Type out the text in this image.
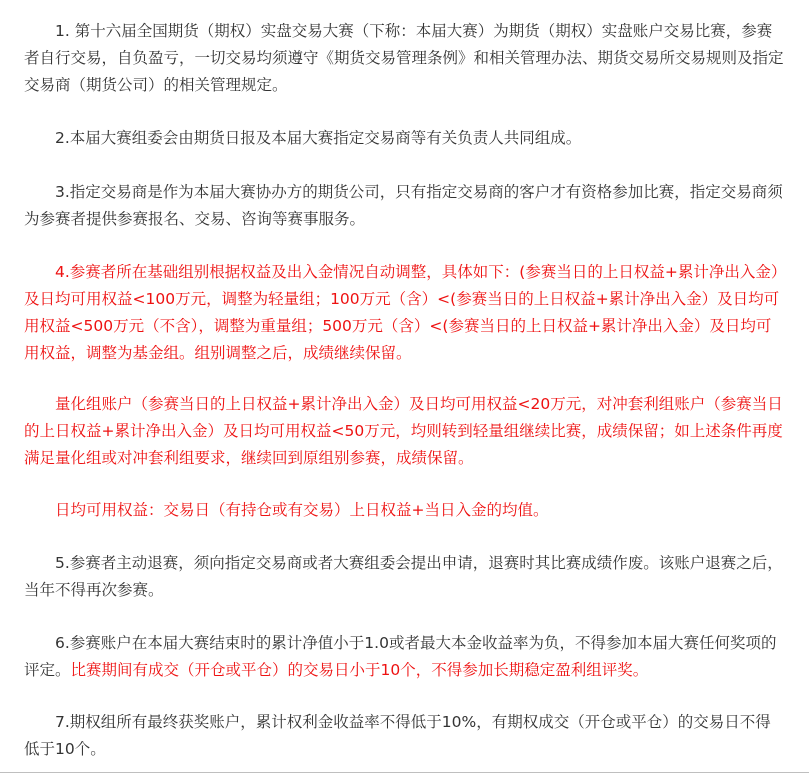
1. 第十六届全国期货（期权）实盘交易大赛（下称：本届大赛）为期货（期权）实盘账户交易比赛，参赛者自行交易，自负盈亏，一切交易均须遵守《期货交易管理条例》和相关管理办法、期货交易所交易规则及指定交易商（期货公司）的相关管理规定。

2.本届大赛组委会由期货日报及本届大赛指定交易商等有关负责人共同组成。

3.指定交易商是作为本届大赛协办方的期货公司，只有指定交易商的客户才有资格参加比赛，指定交易商须为参赛者提供参赛报名、交易、咨询等赛事服务。

4.参赛者所在基础组别根据权益及出入金情况自动调整，具体如下：(参赛当日的上日权益+累计净出入金）及日均可用权益<100万元，调整为轻量组；100万元（含）<(参赛当日的上日权益+累计净出入金）及日均可用权益<500万元（不含），调整为重量组；500万元（含）<(参赛当日的上日权益+累计净出入金）及日均可用权益，调整为基金组。组别调整之后，成绩继续保留。

量化组账户（参赛当日的上日权益+累计净出入金）及日均可用权益<20万元，对冲套利组账户（参赛当日的上日权益+累计净出入金）及日均可用权益<50万元，均则转到轻量组继续比赛，成绩保留；如上述条件再度满足量化组或对冲套利组要求，继续回到原组别参赛，成绩保留。

日均可用权益：交易日（有持仓或有交易）上日权益+当日入金的均值。

5.参赛者主动退赛，须向指定交易商或者大赛组委会提出申请，退赛时其比赛成绩作废。该账户退赛之后，当年不得再次参赛。

6.参赛账户在本届大赛结束时的累计净值小于1.0或者最大本金收益率为负，不得参加本届大赛任何奖项的评定。比赛期间有成交（开仓或平仓）的交易日小于10个，不得参加长期稳定盈利组评奖。

7.期权组所有最终获奖账户，累计权利金收益率不得低于10%，有期权成交（开仓或平仓）的交易日不得低于10个。
